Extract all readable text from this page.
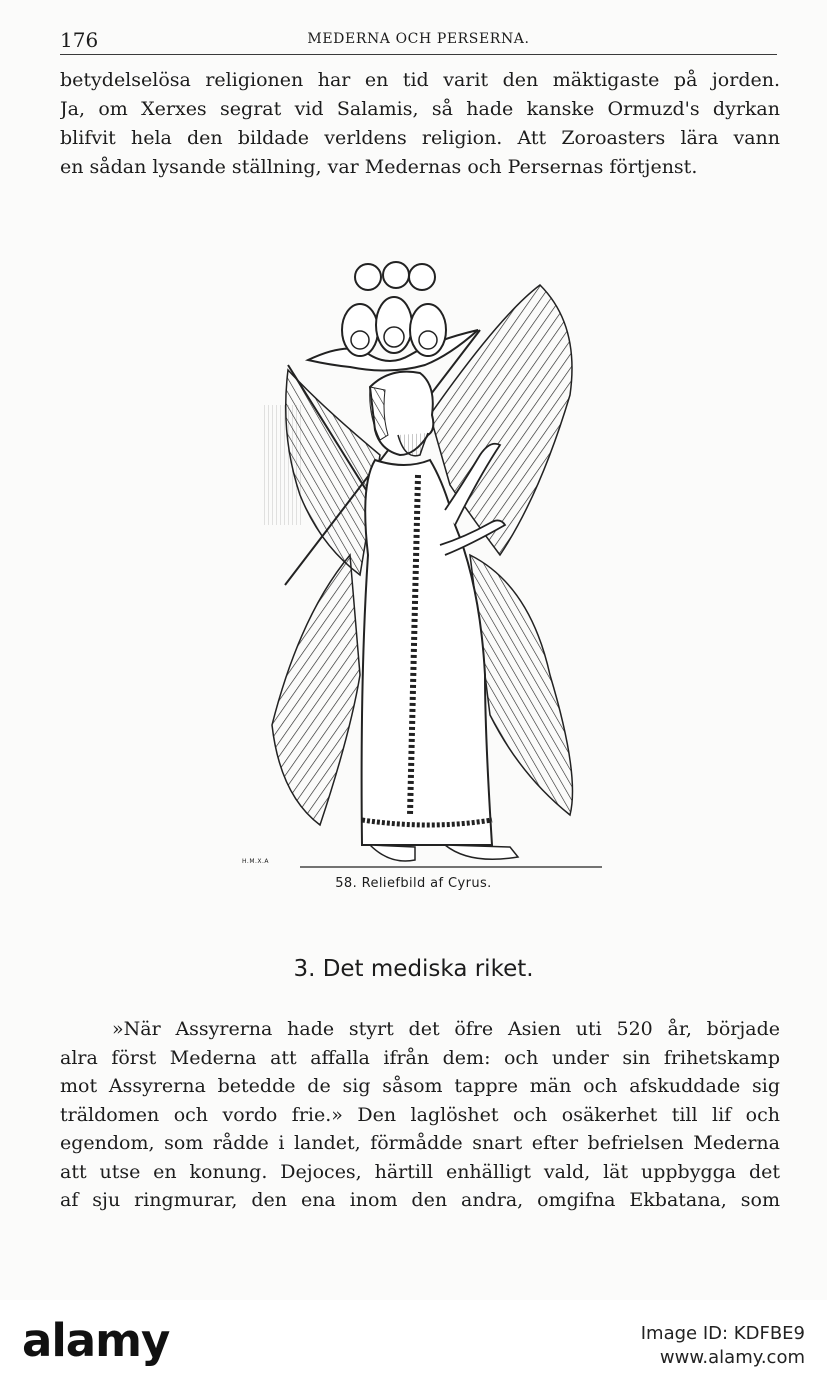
176	MEDERNA OCH PERSERNA.
betydelselösa religionen har en tid varit den mäktigaste på jorden.
Ja, om Xerxes segrat vid Salamis, så hade kanske Ormuzd's dyrkan
blifvit hela den bildade verldens religion. Att Zoroasters lära vann
en sådan lysande ställning, var Medernas och Persernas förtjenst.
H.M.X.A
58. Reliefbild af Cyrus.
3. Det mediska riket.
»När Assyrerna hade styrt det öfre Asien uti 520 år, började
alra först Mederna att affalla ifrån dem: och under sin frihetskamp
mot Assyrerna betedde de sig såsom tappre män och afskuddade sig
träldomen och vordo frie.» Den laglöshet och osäkerhet till lif och
egendom, som rådde i landet, förmådde snart efter befrielsen Mederna
att utse en konung. Dejoces, härtill enhälligt vald, lät uppbygga det
af sju ringmurar, den ena inom den andra, omgifna Ekbatana, som
alamy	Image ID: KDFBE9
www.alamy.com
